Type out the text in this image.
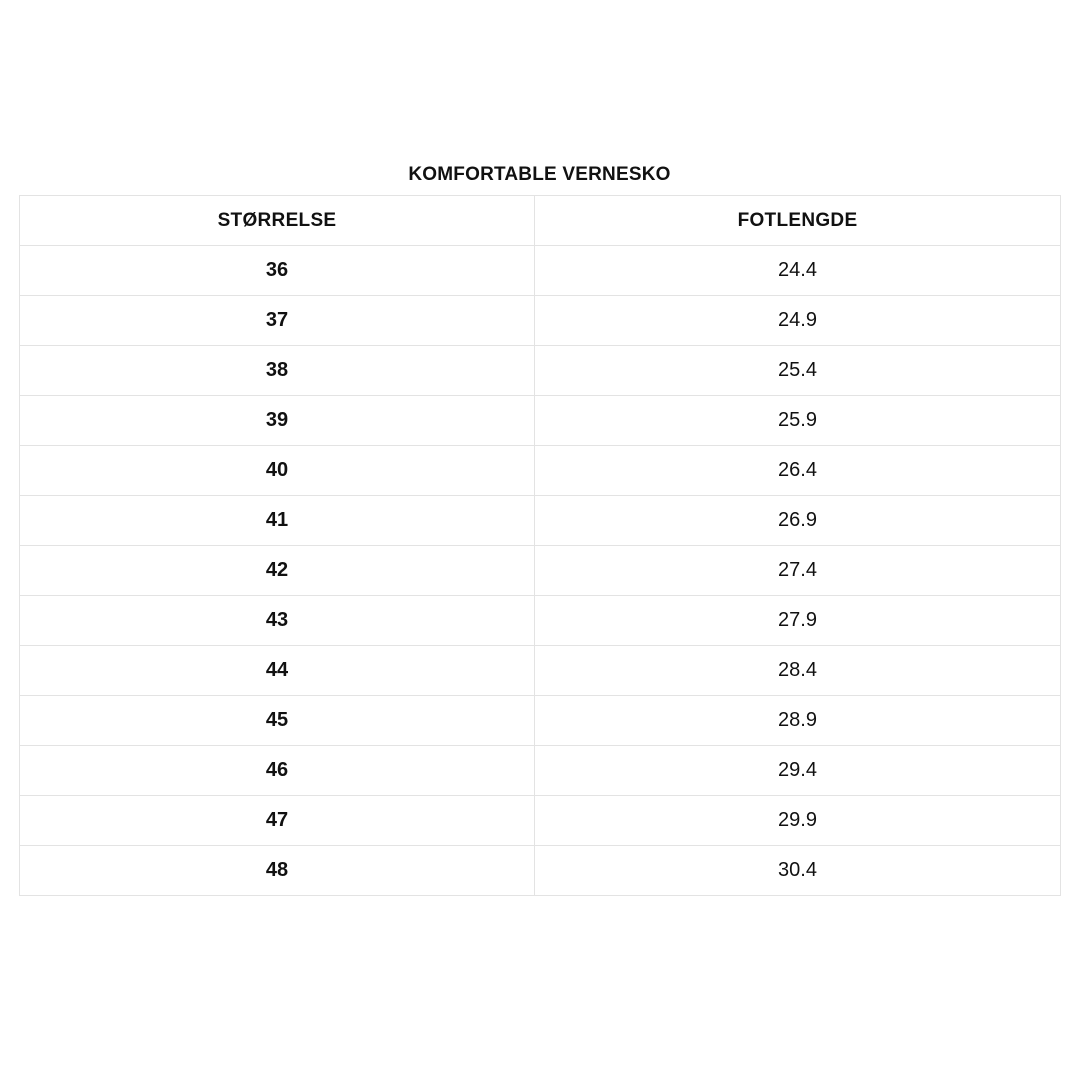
KOMFORTABLE VERNESKO
STØRRELSE	FOTLENGDE
36	24.4
37	24.9
38	25.4
39	25.9
40	26.4
41	26.9
42	27.4
43	27.9
44	28.4
45	28.9
46	29.4
47	29.9
48	30.4
